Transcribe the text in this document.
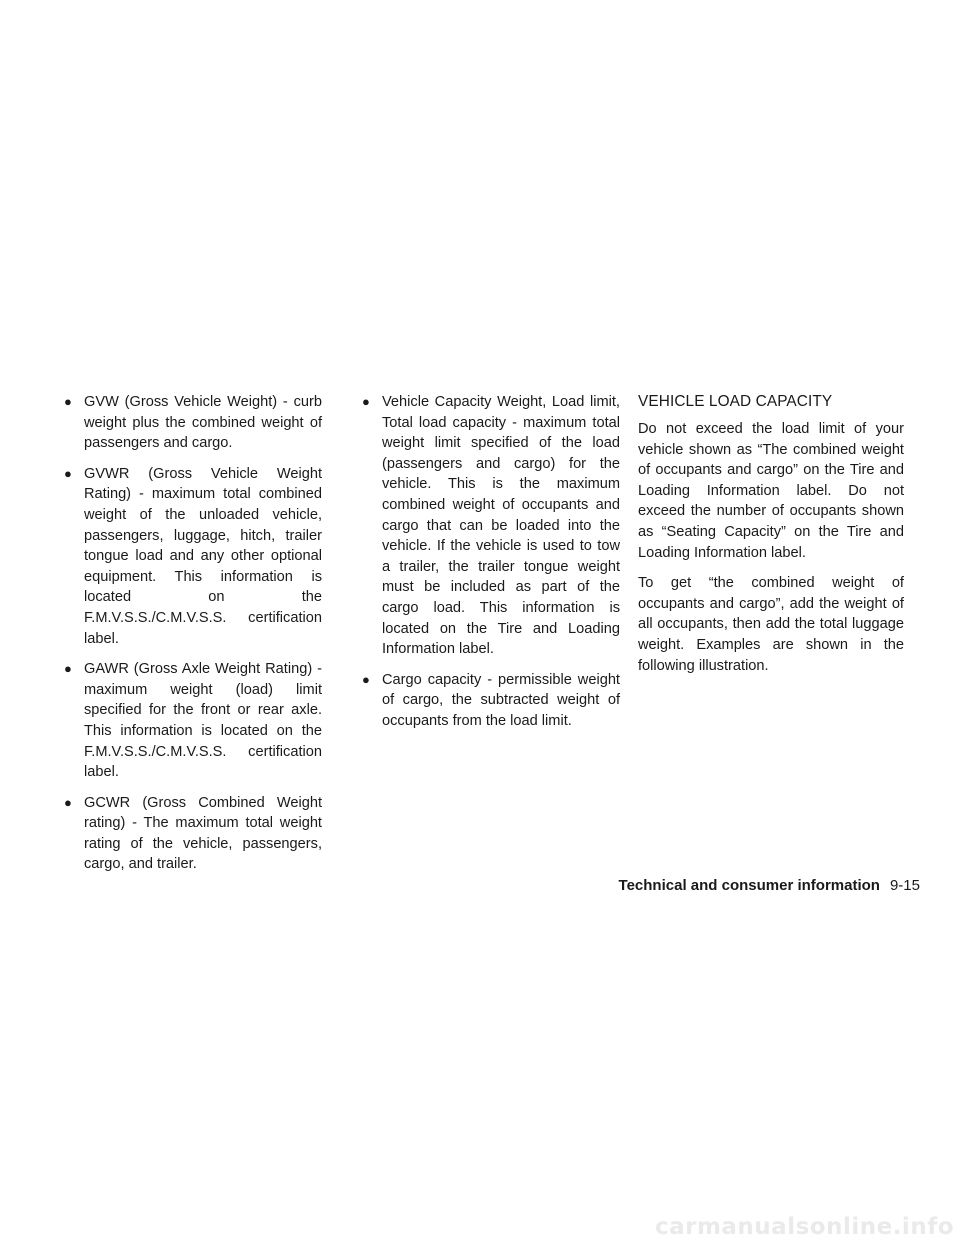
● GVW (Gross Vehicle Weight) - curb weight plus the combined weight of passengers and cargo.
● GVWR (Gross Vehicle Weight Rating) - maximum total combined weight of the unloaded vehicle, passengers, luggage, hitch, trailer tongue load and any other optional equipment. This information is located on the F.M.V.S.S./C.M.V.S.S. certification label.
● GAWR (Gross Axle Weight Rating) - maximum weight (load) limit specified for the front or rear axle. This information is located on the F.M.V.S.S./C.M.V.S.S. certification label.
● GCWR (Gross Combined Weight rating) - The maximum total weight rating of the vehicle, passengers, cargo, and trailer.
● Vehicle Capacity Weight, Load limit, Total load capacity - maximum total weight limit specified of the load (passengers and cargo) for the vehicle. This is the maximum combined weight of occupants and cargo that can be loaded into the vehicle. If the vehicle is used to tow a trailer, the trailer tongue weight must be included as part of the cargo load. This information is located on the Tire and Loading Information label.
● Cargo capacity - permissible weight of cargo, the subtracted weight of occupants from the load limit.
VEHICLE LOAD CAPACITY

Do not exceed the load limit of your vehicle shown as “The combined weight of occupants and cargo” on the Tire and Loading Information label. Do not exceed the number of occupants shown as “Seating Capacity” on the Tire and Loading Information label.

To get “the combined weight of occupants and cargo”, add the weight of all occupants, then add the total luggage weight. Examples are shown in the following illustration.

Technical and consumer information 9-15
carmanualsonline.info
